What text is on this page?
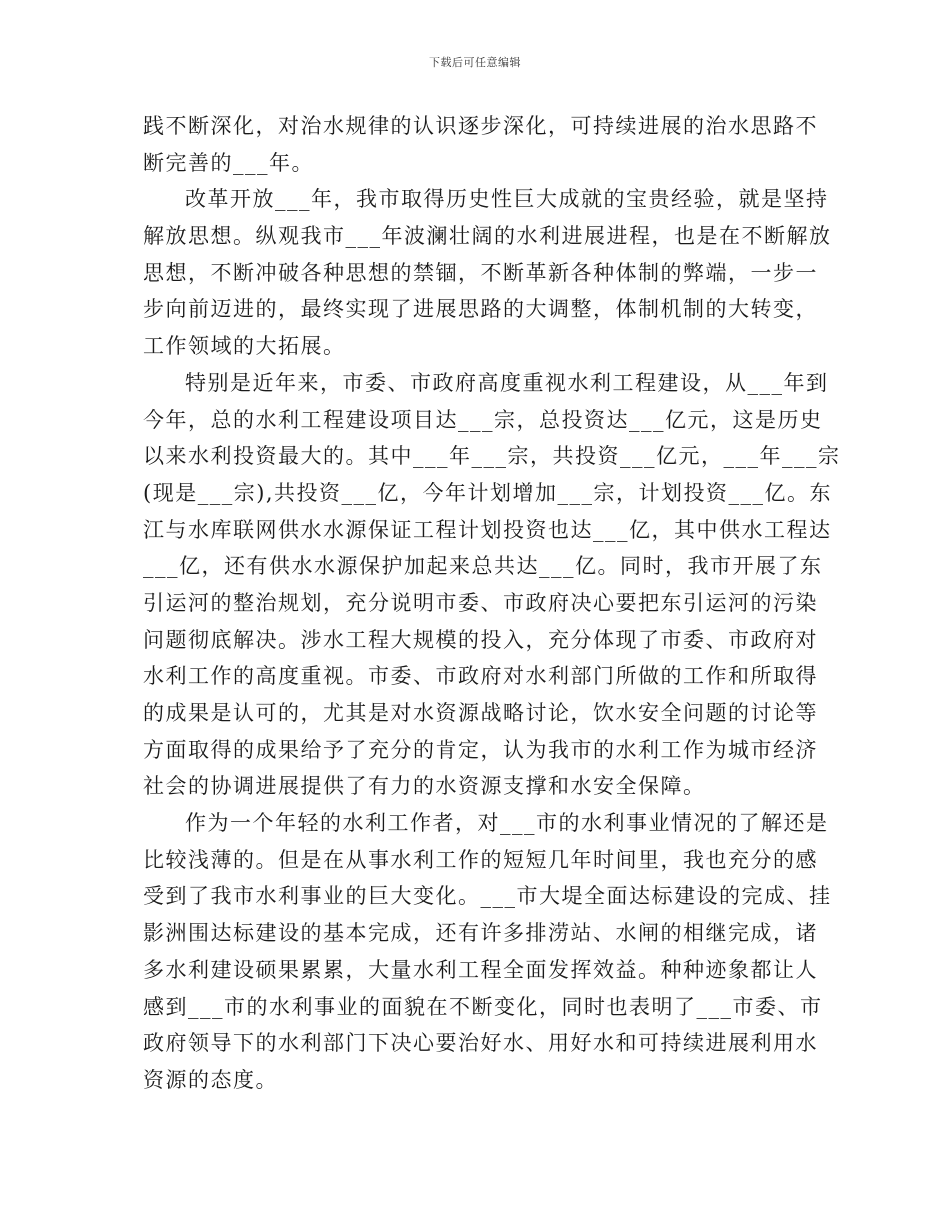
下载后可任意编辑
践不断深化，对治水规律的认识逐步深化，可持续进展的治水思路不
断完善的___年。
改革开放___年，我市取得历史性巨大成就的宝贵经验，就是坚持
解放思想。纵观我市___年波澜壮阔的水利进展进程，也是在不断解放
思想，不断冲破各种思想的禁锢，不断革新各种体制的弊端，一步一
步向前迈进的，最终实现了进展思路的大调整，体制机制的大转变，
工作领域的大拓展。
特别是近年来，市委、市政府高度重视水利工程建设，从___年到
今年，总的水利工程建设项目达___宗，总投资达___亿元，这是历史
以来水利投资最大的。其中___年___宗，共投资___亿元，___年___宗
(现是___宗),共投资___亿，今年计划增加___宗，计划投资___亿。东
江与水库联网供水水源保证工程计划投资也达___亿，其中供水工程达
___亿，还有供水水源保护加起来总共达___亿。同时，我市开展了东
引运河的整治规划，充分说明市委、市政府决心要把东引运河的污染
问题彻底解决。涉水工程大规模的投入，充分体现了市委、市政府对
水利工作的高度重视。市委、市政府对水利部门所做的工作和所取得
的成果是认可的，尤其是对水资源战略讨论，饮水安全问题的讨论等
方面取得的成果给予了充分的肯定，认为我市的水利工作为城市经济
社会的协调进展提供了有力的水资源支撑和水安全保障。
作为一个年轻的水利工作者，对___市的水利事业情况的了解还是
比较浅薄的。但是在从事水利工作的短短几年时间里，我也充分的感
受到了我市水利事业的巨大变化。___市大堤全面达标建设的完成、挂
影洲围达标建设的基本完成，还有许多排涝站、水闸的相继完成，诸
多水利建设硕果累累，大量水利工程全面发挥效益。种种迹象都让人
感到___市的水利事业的面貌在不断变化，同时也表明了___市委、市
政府领导下的水利部门下决心要治好水、用好水和可持续进展利用水
资源的态度。
